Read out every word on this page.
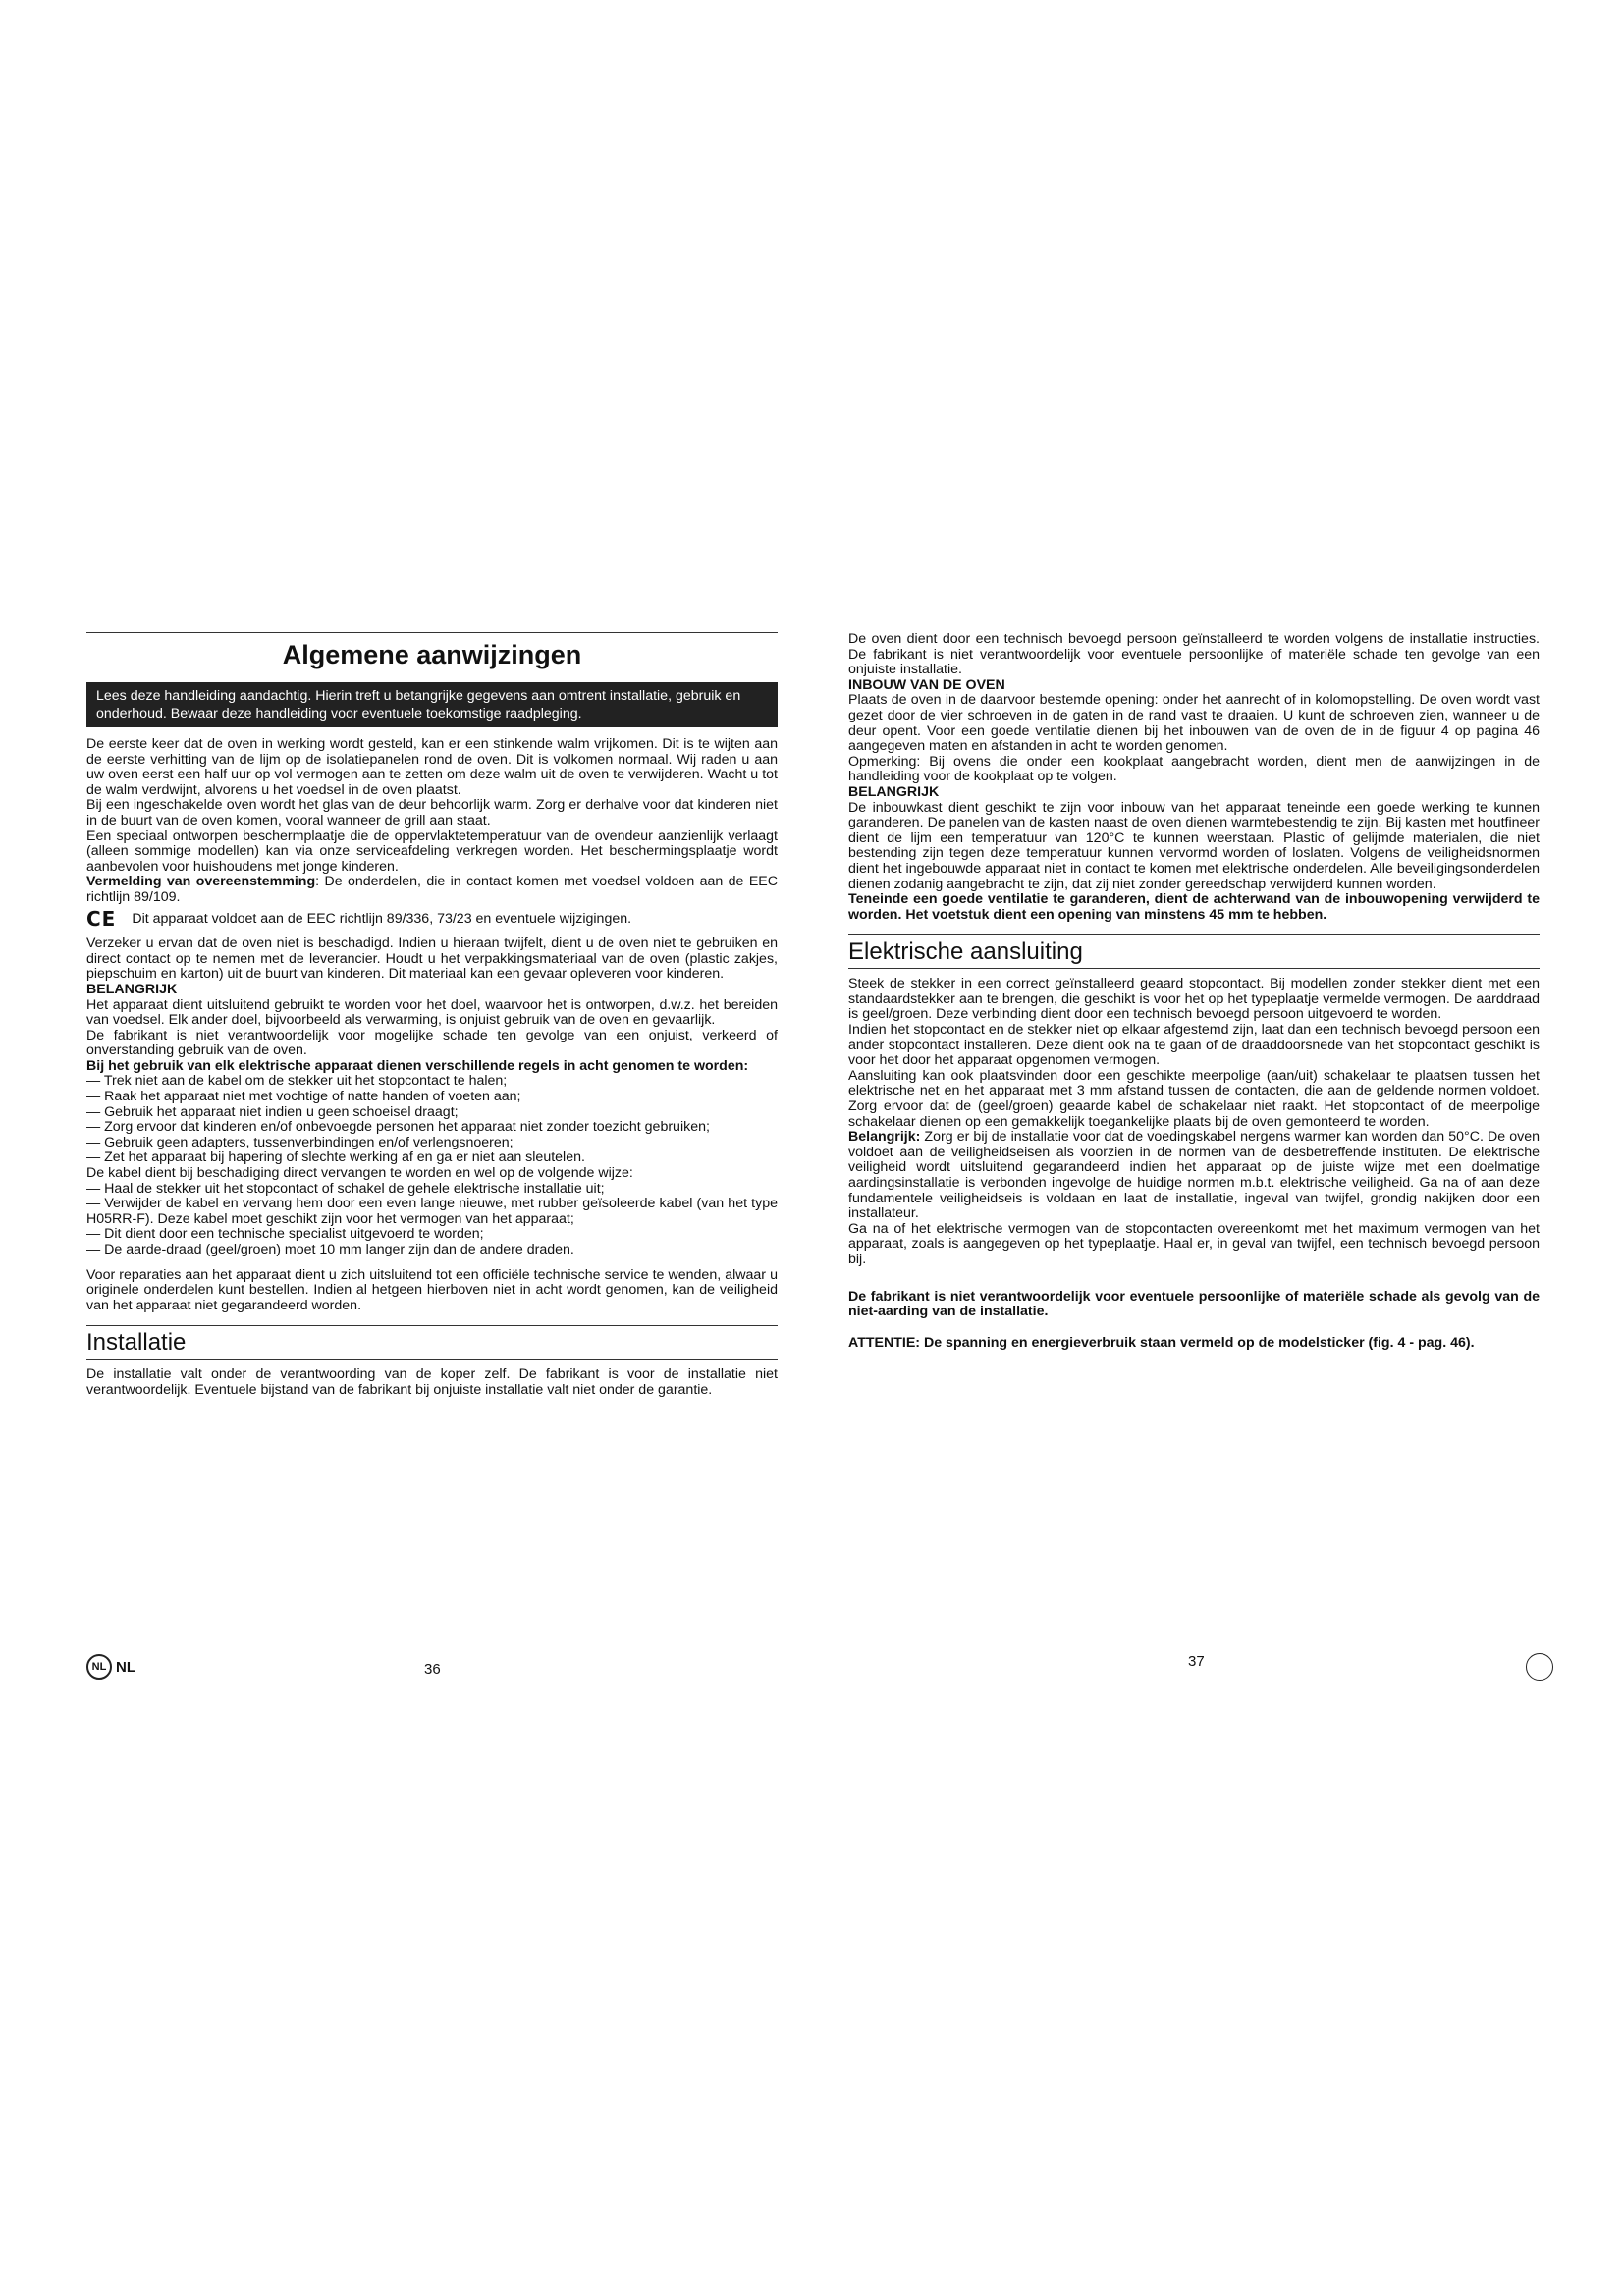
Algemene aanwijzingen
Lees deze handleiding aandachtig. Hierin treft u betangrijke gegevens aan omtrent installatie, gebruik en onderhoud. Bewaar deze handleiding voor eventuele toekomstige raadpleging.

De eerste keer dat de oven in werking wordt gesteld, kan er een stinkende walm vrijkomen. Dit is te wijten aan de eerste verhitting van de lijm op de isolatiepanelen rond de oven. Dit is volkomen normaal. Wij raden u aan uw oven eerst een half uur op vol vermogen aan te zetten om deze walm uit de oven te verwijderen. Wacht u tot de walm verdwijnt, alvorens u het voedsel in de oven plaatst.

Bij een ingeschakelde oven wordt het glas van de deur behoorlijk warm. Zorg er derhalve voor dat kinderen niet in de buurt van de oven komen, vooral wanneer de grill aan staat.

Een speciaal ontworpen beschermplaatje die de oppervlaktetemperatuur van de ovendeur aanzienlijk verlaagt (alleen sommige modellen) kan via onze serviceafdeling verkregen worden. Het beschermingsplaatje wordt aanbevolen voor huishoudens met jonge kinderen.

Vermelding van overeenstemming: De onderdelen, die in contact komen met voedsel voldoen aan de EEC richtlijn 89/109.

CE Dit apparaat voldoet aan de EEC richtlijn 89/336, 73/23 en eventuele wijzigingen.

Verzeker u ervan dat de oven niet is beschadigd. Indien u hieraan twijfelt, dient u de oven niet te gebruiken en direct contact op te nemen met de leverancier. Houdt u het verpakkingsmateriaal van de oven (plastic zakjes, piepschuim en karton) uit de buurt van kinderen. Dit materiaal kan een gevaar opleveren voor kinderen.

BELANGRIJK

Het apparaat dient uitsluitend gebruikt te worden voor het doel, waarvoor het is ontworpen, d.w.z. het bereiden van voedsel. Elk ander doel, bijvoorbeeld als verwarming, is onjuist gebruik van de oven en gevaarlijk.

De fabrikant is niet verantwoordelijk voor mogelijke schade ten gevolge van een onjuist, verkeerd of onverstanding gebruik van de oven.

Bij het gebruik van elk elektrische apparaat dienen verschillende regels in acht genomen te worden:

— Trek niet aan de kabel om de stekker uit het stopcontact te halen;

— Raak het apparaat niet met vochtige of natte handen of voeten aan;

— Gebruik het apparaat niet indien u geen schoeisel draagt;

— Zorg ervoor dat kinderen en/of onbevoegde personen het apparaat niet zonder toezicht gebruiken;

— Gebruik geen adapters, tussenverbindingen en/of verlengsnoeren;

— Zet het apparaat bij hapering of slechte werking af en ga er niet aan sleutelen.

De kabel dient bij beschadiging direct vervangen te worden en wel op de volgende wijze:

— Haal de stekker uit het stopcontact of schakel de gehele elektrische installatie uit;

— Verwijder de kabel en vervang hem door een even lange nieuwe, met rubber geïsoleerde kabel (van het type H05RR-F). Deze kabel moet geschikt zijn voor het vermogen van het apparaat;

— Dit dient door een technische specialist uitgevoerd te worden;

— De aarde-draad (geel/groen) moet 10 mm langer zijn dan de andere draden.

Voor reparaties aan het apparaat dient u zich uitsluitend tot een officiële technische service te wenden, alwaar u originele onderdelen kunt bestellen. Indien al hetgeen hierboven niet in acht wordt genomen, kan de veiligheid van het apparaat niet gegarandeerd worden.

Installatie

De installatie valt onder de verantwoording van de koper zelf. De fabrikant is voor de installatie niet verantwoordelijk. Eventuele bijstand van de fabrikant bij onjuiste installatie valt niet onder de garantie.

NL NL	36

De oven dient door een technisch bevoegd persoon geïnstalleerd te worden volgens de installatie instructies. De fabrikant is niet verantwoordelijk voor eventuele persoonlijke of materiële schade ten gevolge van een onjuiste installatie.

INBOUW VAN DE OVEN

Plaats de oven in de daarvoor bestemde opening: onder het aanrecht of in kolomopstelling. De oven wordt vast gezet door de vier schroeven in de gaten in de rand vast te draaien. U kunt de schroeven zien, wanneer u de deur opent. Voor een goede ventilatie dienen bij het inbouwen van de oven de in de figuur 4 op pagina 46 aangegeven maten en afstanden in acht te worden genomen.

Opmerking: Bij ovens die onder een kookplaat aangebracht worden, dient men de aanwijzingen in de handleiding voor de kookplaat op te volgen.

BELANGRIJK

De inbouwkast dient geschikt te zijn voor inbouw van het apparaat teneinde een goede werking te kunnen garanderen. De panelen van de kasten naast de oven dienen warmtebestendig te zijn. Bij kasten met houtfineer dient de lijm een temperatuur van 120°C te kunnen weerstaan. Plastic of gelijmde materialen, die niet bestending zijn tegen deze temperatuur kunnen vervormd worden of loslaten. Volgens de veiligheidsnormen dient het ingebouwde apparaat niet in contact te komen met elektrische onderdelen. Alle beveiligingsonderdelen dienen zodanig aangebracht te zijn, dat zij niet zonder gereedschap verwijderd kunnen worden.

Teneinde een goede ventilatie te garanderen, dient de achterwand van de inbouwopening verwijderd te worden. Het voetstuk dient een opening van minstens 45 mm te hebben.

Elektrische aansluiting

Steek de stekker in een correct geïnstalleerd geaard stopcontact. Bij modellen zonder stekker dient met een standaardstekker aan te brengen, die geschikt is voor het op het typeplaatje vermelde vermogen. De aarddraad is geel/groen. Deze verbinding dient door een technisch bevoegd persoon uitgevoerd te worden.

Indien het stopcontact en de stekker niet op elkaar afgestemd zijn, laat dan een technisch bevoegd persoon een ander stopcontact installeren. Deze dient ook na te gaan of de draaddoorsnede van het stopcontact geschikt is voor het door het apparaat opgenomen vermogen.

Aansluiting kan ook plaatsvinden door een geschikte meerpolige (aan/uit) schakelaar te plaatsen tussen het elektrische net en het apparaat met 3 mm afstand tussen de contacten, die aan de geldende normen voldoet. Zorg ervoor dat de (geel/groen) geaarde kabel de schakelaar niet raakt. Het stopcontact of de meerpolige schakelaar dienen op een gemakkelijk toegankelijke plaats bij de oven gemonteerd te worden.

Belangrijk: Zorg er bij de installatie voor dat de voedingskabel nergens warmer kan worden dan 50°C. De oven voldoet aan de veiligheidseisen als voorzien in de normen van de desbetreffende instituten. De elektrische veiligheid wordt uitsluitend gegarandeerd indien het apparaat op de juiste wijze met een doelmatige aardingsinstallatie is verbonden ingevolge de huidige normen m.b.t. elektrische veiligheid. Ga na of aan deze fundamentele veiligheidseis is voldaan en laat de installatie, ingeval van twijfel, grondig nakijken door een installateur.

Ga na of het elektrische vermogen van de stopcontacten overeenkomt met het maximum vermogen van het apparaat, zoals is aangegeven op het typeplaatje. Haal er, in geval van twijfel, een technisch bevoegd persoon bij.

De fabrikant is niet verantwoordelijk voor eventuele persoonlijke of materiële schade als gevolg van de niet-aarding van de installatie.

ATTENTIE: De spanning en energieverbruik staan vermeld op de modelsticker (fig. 4 - pag. 46).

37
